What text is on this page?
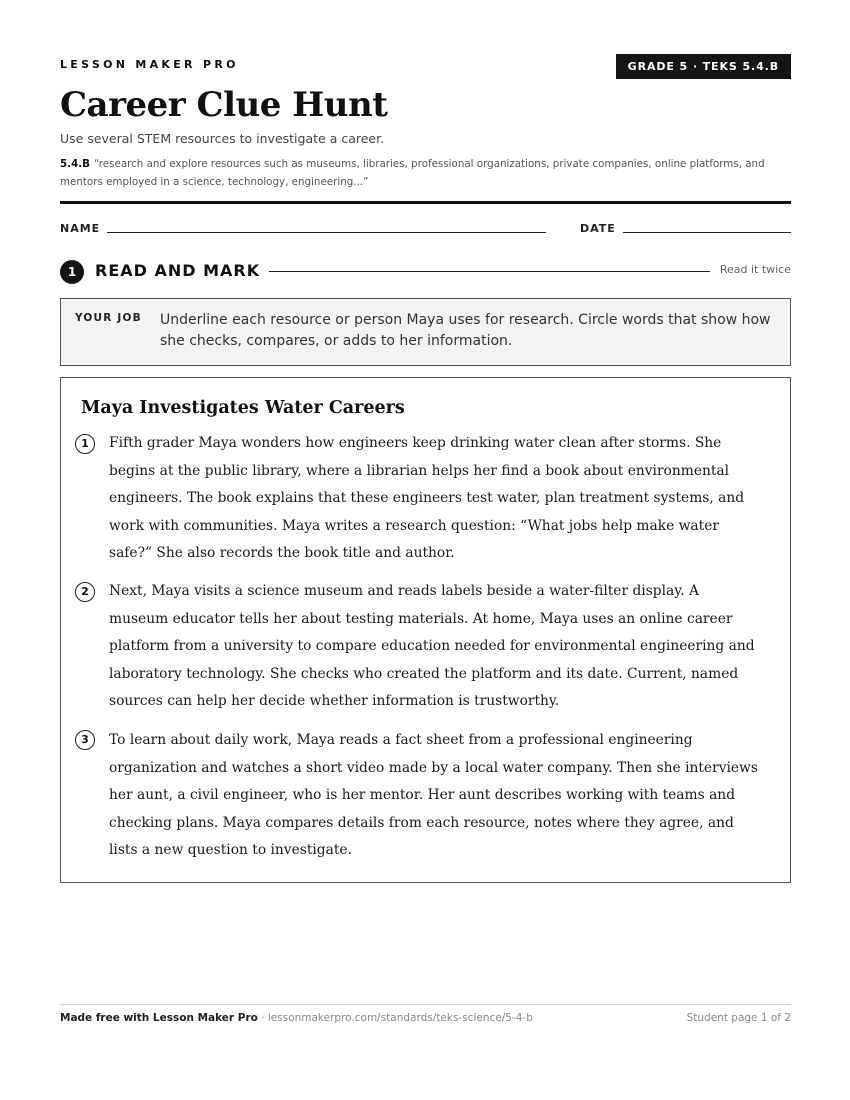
LESSON MAKER PRO	GRADE 5 · TEKS 5.4.B
Career Clue Hunt
Use several STEM resources to investigate a career.
5.4.B “research and explore resources such as museums, libraries, professional organizations, private companies, online platforms, and mentors employed in a science, technology, engineering...”
NAME	DATE
1	READ AND MARK	Read it twice
YOUR JOB Underline each resource or person Maya uses for research. Circle words that show how she checks, compares, or adds to her information.
Maya Investigates Water Careers
1	Fifth grader Maya wonders how engineers keep drinking water clean after storms. She begins at the public library, where a librarian helps her find a book about environmental engineers. The book explains that these engineers test water, plan treatment systems, and work with communities. Maya writes a research question: “What jobs help make water safe?” She also records the book title and author.

2	Next, Maya visits a science museum and reads labels beside a water-filter display. A museum educator tells her about testing materials. At home, Maya uses an online career platform from a university to compare education needed for environmental engineering and laboratory technology. She checks who created the platform and its date. Current, named sources can help her decide whether information is trustworthy.

3	To learn about daily work, Maya reads a fact sheet from a professional engineering organization and watches a short video made by a local water company. Then she interviews her aunt, a civil engineer, who is her mentor. Her aunt describes working with teams and checking plans. Maya compares details from each resource, notes where they agree, and lists a new question to investigate.

Made free with Lesson Maker Pro · lessonmakerpro.com/standards/teks-science/5-4-b	Student page 1 of 2
